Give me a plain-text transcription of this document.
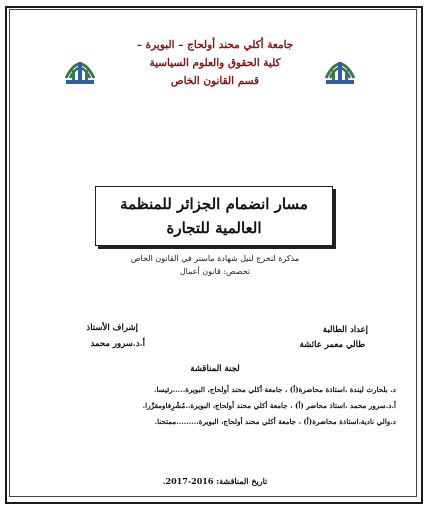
جامعة أكلي محند أولحاج – البويرة –
كلية الحقوق والعلوم السياسية
قسم القانون الخاص
مسار انضمام الجزائر للمنظمة
العالمية للتجارة
مذكرة لتخرج لنيل شهادة ماستر في القانون الخاص
تخصص: قانون أعمال
إعداد الطالبة
طالي معمر عائشة
إشراف الأستاذ
أ.د.سرور محمد
لجنة المناقشة
د. بلحارث ليندة ،استاذة محاضرة(أ) ، جامعة أكلي محند أولحاج، البويرة.....رئيسا.
أ.د.سرور محمد ،استاذ محاضر (أ) ، جامعة أكلي محند أولحاج، البويرة..مُشْرِفاومقرِّرا.
د.والي نادية،استاذة محاضرة(أ) ، جامعة أكلي محند أولحاج، البويرة.........ممتحنا.
تاريخ المناقشة: 2016-2017.
